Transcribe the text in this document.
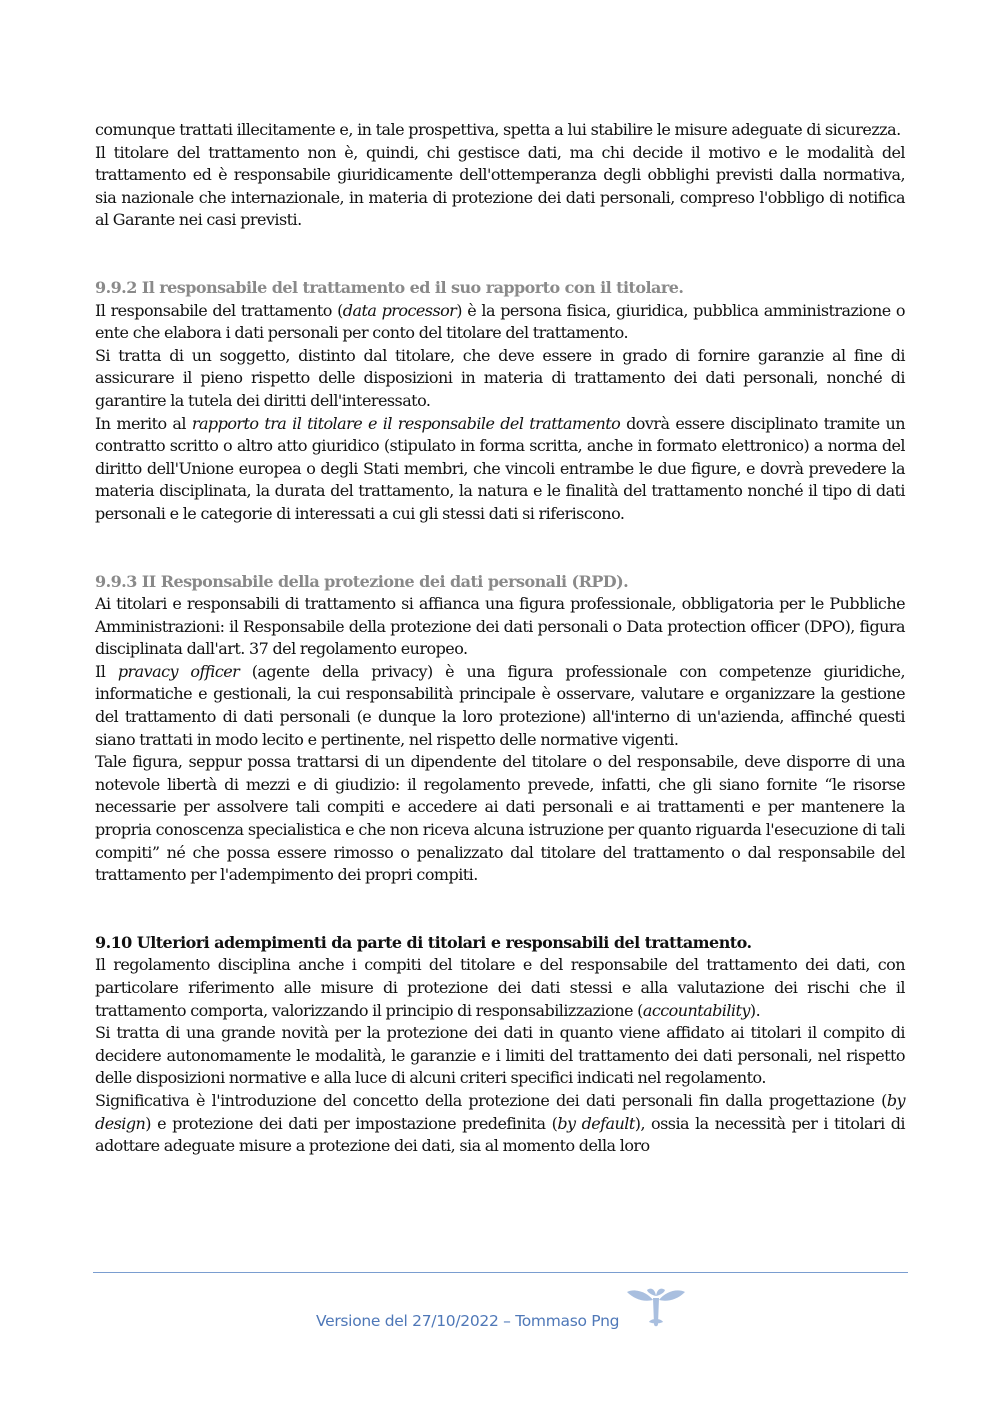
comunque trattati illecitamente e, in tale prospettiva, spetta a lui stabilire le misure adeguate di sicurezza.

Il titolare del trattamento non è, quindi, chi gestisce dati, ma chi decide il motivo e le modalità del trattamento ed è responsabile giuridicamente dell'ottemperanza degli obblighi previsti dalla normativa, sia nazionale che internazionale, in materia di protezione dei dati personali, compreso l'obbligo di notifica al Garante nei casi previsti.

9.9.2 Il responsabile del trattamento ed il suo rapporto con il titolare.

Il responsabile del trattamento (data processor) è la persona fisica, giuridica, pubblica amministrazione o ente che elabora i dati personali per conto del titolare del trattamento.

Si tratta di un soggetto, distinto dal titolare, che deve essere in grado di fornire garanzie al fine di assicurare il pieno rispetto delle disposizioni in materia di trattamento dei dati personali, nonché di garantire la tutela dei diritti dell'interessato.

In merito al rapporto tra il titolare e il responsabile del trattamento dovrà essere disciplinato tramite un contratto scritto o altro atto giuridico (stipulato in forma scritta, anche in formato elettronico) a norma del diritto dell'Unione europea o degli Stati membri, che vincoli entrambe le due figure, e dovrà prevedere la materia disciplinata, la durata del trattamento, la natura e le finalità del trattamento nonché il tipo di dati personali e le categorie di interessati a cui gli stessi dati si riferiscono.

9.9.3 II Responsabile della protezione dei dati personali (RPD).

Ai titolari e responsabili di trattamento si affianca una figura professionale, obbligatoria per le Pubbliche Amministrazioni: il Responsabile della protezione dei dati personali o Data protection officer (DPO), figura disciplinata dall'art. 37 del regolamento europeo.

Il pravacy officer (agente della privacy) è una figura professionale con competenze giuridiche, informatiche e gestionali, la cui responsabilità principale è osservare, valutare e organizzare la gestione del trattamento di dati personali (e dunque la loro protezione) all'interno di un'azienda, affinché questi siano trattati in modo lecito e pertinente, nel rispetto delle normative vigenti.

Tale figura, seppur possa trattarsi di un dipendente del titolare o del responsabile, deve disporre di una notevole libertà di mezzi e di giudizio: il regolamento prevede, infatti, che gli siano fornite “le risorse necessarie per assolvere tali compiti e accedere ai dati personali e ai trattamenti e per mantenere la propria conoscenza specialistica e che non riceva alcuna istruzione per quanto riguarda l'esecuzione di tali compiti” né che possa essere rimosso o penalizzato dal titolare del trattamento o dal responsabile del trattamento per l'adempimento dei propri compiti.

9.10 Ulteriori adempimenti da parte di titolari e responsabili del trattamento.

Il regolamento disciplina anche i compiti del titolare e del responsabile del trattamento dei dati, con particolare riferimento alle misure di protezione dei dati stessi e alla valutazione dei rischi che il trattamento comporta, valorizzando il principio di responsabilizzazione (accountability).

Si tratta di una grande novità per la protezione dei dati in quanto viene affidato ai titolari il compito di decidere autonomamente le modalità, le garanzie e i limiti del trattamento dei dati personali, nel rispetto delle disposizioni normative e alla luce di alcuni criteri specifici indicati nel regolamento.

Significativa è l'introduzione del concetto della protezione dei dati personali fin dalla progettazione (by design) e protezione dei dati per impostazione predefinita (by default), ossia la necessità per i titolari di adottare adeguate misure a protezione dei dati, sia al momento della loro

Versione del 27/10/2022 – Tommaso Png
